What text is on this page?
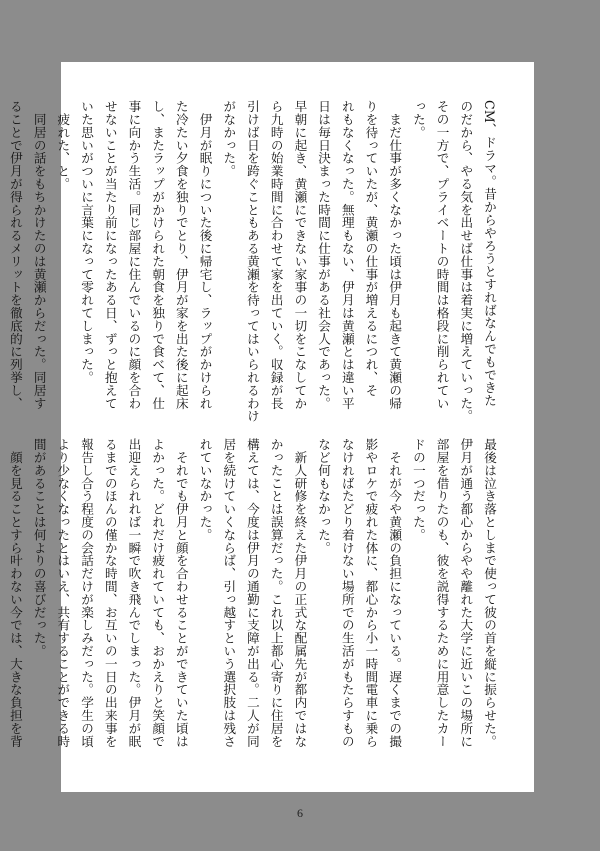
CM、ドラマ。昔からやろうとすればなんでもできた
のだから、やる気を出せば仕事は着実に増えていった。
その一方で、プライベートの時間は格段に削られてい
った。
　まだ仕事が多くなかった頃は伊月も起きて黄瀬の帰
りを待っていたが、黄瀬の仕事が増えるにつれ、そ
れもなくなった。無理もない、伊月は黄瀬とは違い平
日は毎日決まった時間に仕事がある社会人であった。
早朝に起き、黄瀬にできない家事の一切をこなしてか
ら九時の始業時間に合わせて家を出ていく。収録が長
引けば日を跨ぐこともある黄瀬を待ってはいられるわけ
がなかった。
　伊月が眠りについた後に帰宅し、ラップがかけられ
た冷たい夕食を独りでとり、伊月が家を出た後に起床
し、またラップがかけられた朝食を独りで食べて、仕
事に向かう生活。同じ部屋に住んでいるのに顔を合わ
せないことが当たり前になったある日、ずっと抱えて
いた思いがついに言葉になって零れてしまった。
　疲れた、と。
　同居の話をもちかけたのは黄瀬からだった。同居す
ることで伊月が得られるメリットを徹底的に列挙し、
最後は泣き落としまで使って彼の首を縦に振らせた。
伊月が通う都心からやや離れた大学に近いこの場所に
部屋を借りたのも、彼を説得するために用意したカー
ドの一つだった。
　それが今や黄瀬の負担になっている。遅くまでの撮
影やロケで疲れた体に、都心から小一時間電車に乗ら
なければたどり着けない場所での生活がもたらすもの
など何もなかった。
　新人研修を終えた伊月の正式な配属先が都内ではな
かったことは誤算だった。これ以上都心寄りに住居を
構えては、今度は伊月の通勤に支障が出る。二人が同
居を続けていくならば、引っ越すという選択肢は残さ
れていなかった。
　それでも伊月と顔を合わせることができていた頃は
よかった。どれだけ疲れていても、おかえりと笑顔で
出迎えられれば一瞬で吹き飛んでしまった。伊月が眠
るまでのほんの僅かな時間、お互いの一日の出来事を
報告し合う程度の会話だけが楽しみだった。学生の頃
より少なくなったとはいえ、共有することができる時
間があることは何よりの喜びだった。
　顔を見ることすら叶わない今では、大きな負担を背
6
